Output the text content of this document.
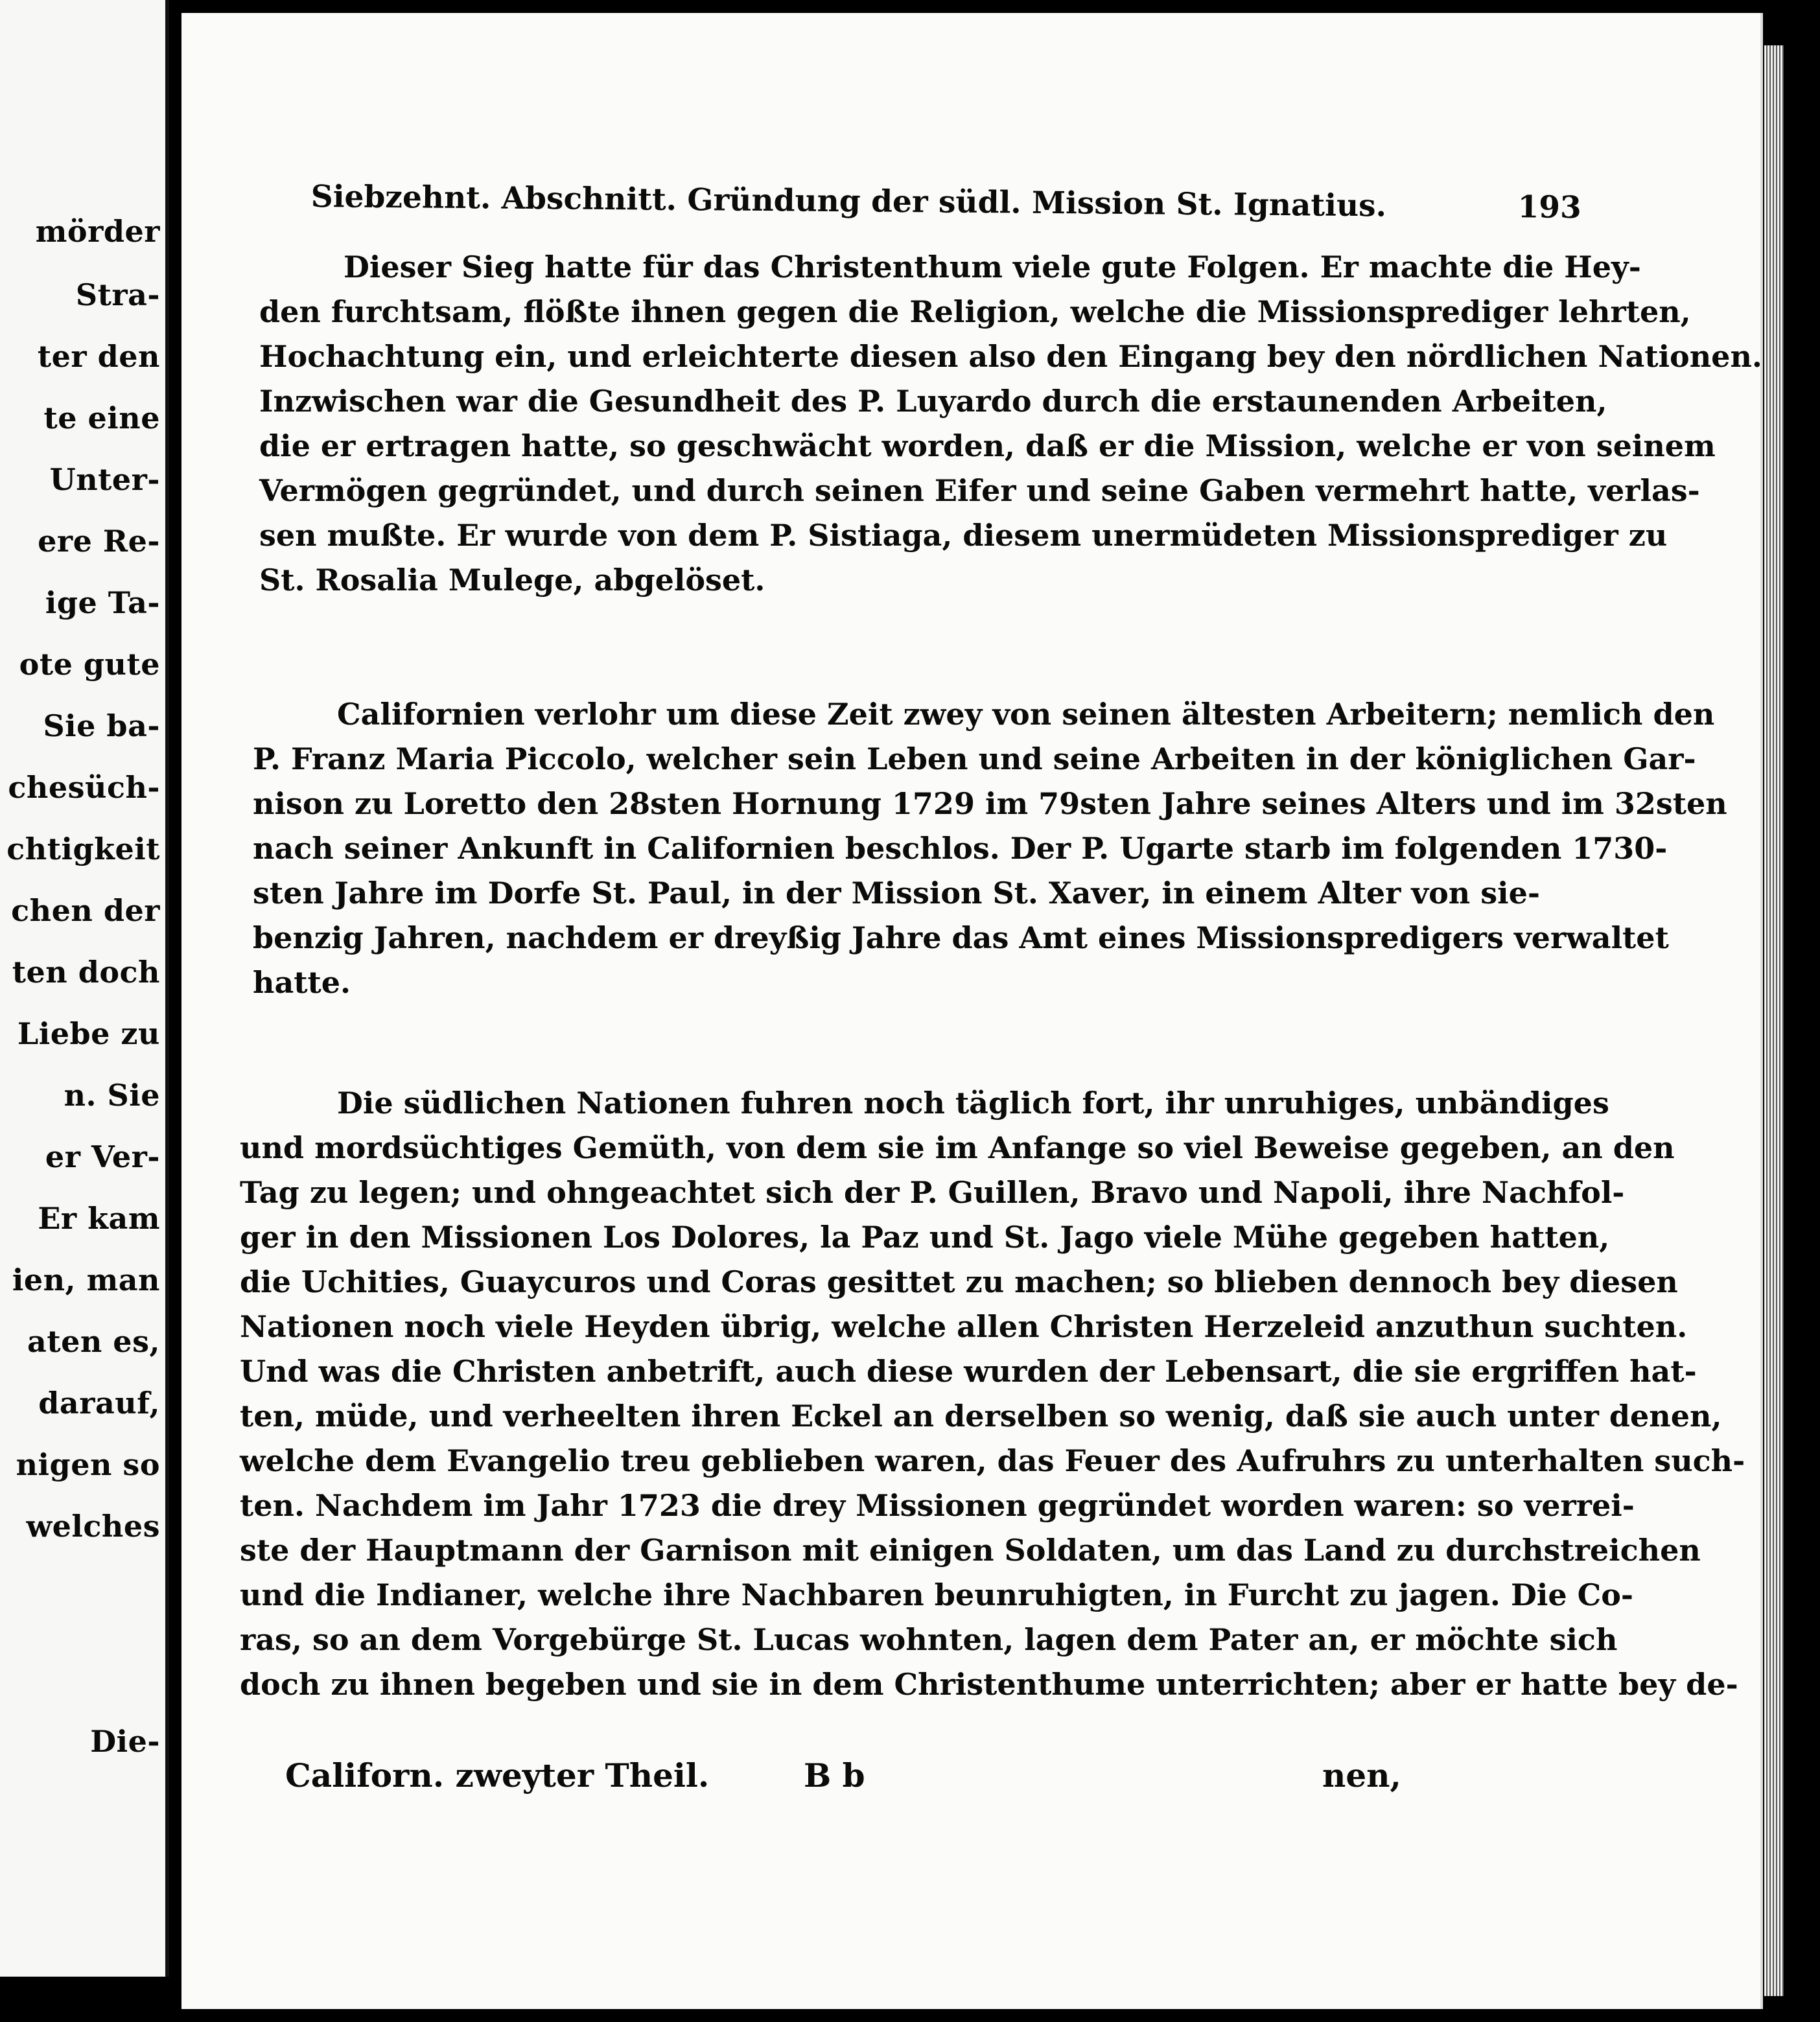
mörder
Stra-
ter den
te eine
Unter-
ere Re-
ige Ta-
ote gute
Sie ba-
chesüch-
chtigkeit
chen der
ten doch
Liebe zu
n. Sie
er Ver-
Er kam
ien, man
aten es,
darauf,
nigen so
welches
Die-
Siebzehnt. Abschnitt. Gründung der südl. Mission St. Ignatius.	193
Dieser Sieg hatte für das Christenthum viele gute Folgen. Er machte die Hey-
den furchtsam, flößte ihnen gegen die Religion, welche die Missionsprediger lehrten,
Hochachtung ein, und erleichterte diesen also den Eingang bey den nördlichen Nationen.
Inzwischen war die Gesundheit des P. Luyardo durch die erstaunenden Arbeiten,
die er ertragen hatte, so geschwächt worden, daß er die Mission, welche er von seinem
Vermögen gegründet, und durch seinen Eifer und seine Gaben vermehrt hatte, verlas-
sen mußte. Er wurde von dem P. Sistiaga, diesem unermüdeten Missionsprediger zu
St. Rosalia Mulege, abgelöset.
Californien verlohr um diese Zeit zwey von seinen ältesten Arbeitern; nemlich den
P. Franz Maria Piccolo, welcher sein Leben und seine Arbeiten in der königlichen Gar-
nison zu Loretto den 28sten Hornung 1729 im 79sten Jahre seines Alters und im 32sten
nach seiner Ankunft in Californien beschlos. Der P. Ugarte starb im folgenden 1730-
sten Jahre im Dorfe St. Paul, in der Mission St. Xaver, in einem Alter von sie-
benzig Jahren, nachdem er dreyßig Jahre das Amt eines Missionspredigers verwaltet
hatte.
Die südlichen Nationen fuhren noch täglich fort, ihr unruhiges, unbändiges
und mordsüchtiges Gemüth, von dem sie im Anfange so viel Beweise gegeben, an den
Tag zu legen; und ohngeachtet sich der P. Guillen, Bravo und Napoli, ihre Nachfol-
ger in den Missionen Los Dolores, la Paz und St. Jago viele Mühe gegeben hatten,
die Uchities, Guaycuros und Coras gesittet zu machen; so blieben dennoch bey diesen
Nationen noch viele Heyden übrig, welche allen Christen Herzeleid anzuthun suchten.
Und was die Christen anbetrift, auch diese wurden der Lebensart, die sie ergriffen hat-
ten, müde, und verheelten ihren Eckel an derselben so wenig, daß sie auch unter denen,
welche dem Evangelio treu geblieben waren, das Feuer des Aufruhrs zu unterhalten such-
ten. Nachdem im Jahr 1723 die drey Missionen gegründet worden waren: so verrei-
ste der Hauptmann der Garnison mit einigen Soldaten, um das Land zu durchstreichen
und die Indianer, welche ihre Nachbaren beunruhigten, in Furcht zu jagen. Die Co-
ras, so an dem Vorgebürge St. Lucas wohnten, lagen dem Pater an, er möchte sich
doch zu ihnen begeben und sie in dem Christenthume unterrichten; aber er hatte bey de-
Californ. zweyter Theil.	B b	nen,
